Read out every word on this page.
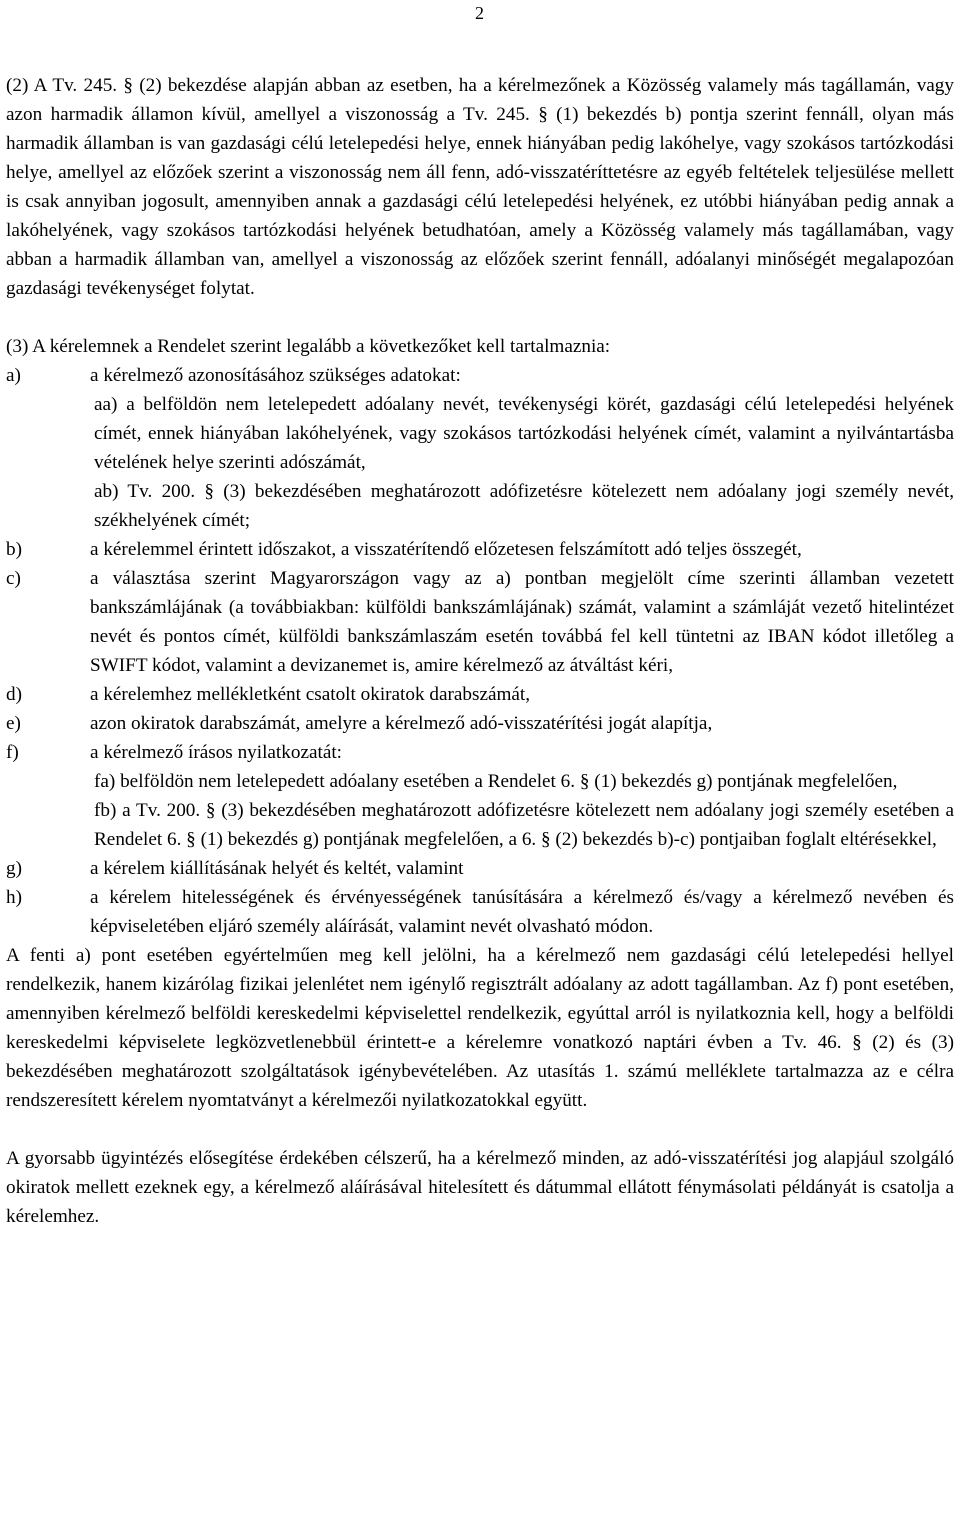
2

(2) A Tv. 245. § (2) bekezdése alapján abban az esetben, ha a kérelmezőnek a Közösség valamely más tagállamán, vagy azon harmadik államon kívül, amellyel a viszonosság a Tv. 245. § (1) bekezdés b) pontja szerint fennáll, olyan más harmadik államban is van gazdasági célú letelepedési helye, ennek hiányában pedig lakóhelye, vagy szokásos tartózkodási helye, amellyel az előzőek szerint a viszonosság nem áll fenn, adó-visszatéríttetésre az egyéb feltételek teljesülése mellett is csak annyiban jogosult, amennyiben annak a gazdasági célú letelepedési helyének, ez utóbbi hiányában pedig annak a lakóhelyének, vagy szokásos tartózkodási helyének betudhatóan, amely a Közösség valamely más tagállamában, vagy abban a harmadik államban van, amellyel a viszonosság az előzőek szerint fennáll, adóalanyi minőségét megalapozóan gazdasági tevékenységet folytat.

(3) A kérelemnek a Rendelet szerint legalább a következőket kell tartalmaznia:

a)	a kérelmező azonosításához szükséges adatokat:

aa) a belföldön nem letelepedett adóalany nevét, tevékenységi körét, gazdasági célú letelepedési helyének címét, ennek hiányában lakóhelyének, vagy szokásos tartózkodási helyének címét, valamint a nyilvántartásba vételének helye szerinti adószámát,

ab) Tv. 200. § (3) bekezdésében meghatározott adófizetésre kötelezett nem adóalany jogi személy nevét, székhelyének címét;

b)	a kérelemmel érintett időszakot, a visszatérítendő előzetesen felszámított adó teljes összegét,
c)	a választása szerint Magyarországon vagy az a) pontban megjelölt címe szerinti államban vezetett bankszámlájának (a továbbiakban: külföldi bankszámlájának) számát, valamint a számláját vezető hitelintézet nevét és pontos címét, külföldi bankszámlaszám esetén továbbá fel kell tüntetni az IBAN kódot illetőleg a SWIFT kódot, valamint a devizanemet is, amire kérelmező az átváltást kéri,
d)	a kérelemhez mellékletként csatolt okiratok darabszámát,
e)	azon okiratok darabszámát, amelyre a kérelmező adó-visszatérítési jogát alapítja,
f)	a kérelmező írásos nyilatkozatát:

fa) belföldön nem letelepedett adóalany esetében a Rendelet 6. § (1) bekezdés g) pontjának megfelelően,

fb) a Tv. 200. § (3) bekezdésében meghatározott adófizetésre kötelezett nem adóalany jogi személy esetében a Rendelet 6. § (1) bekezdés g) pontjának megfelelően, a 6. § (2) bekezdés b)-c) pontjaiban foglalt eltérésekkel,

g)	a kérelem kiállításának helyét és keltét, valamint
h)	a kérelem hitelességének és érvényességének tanúsítására a kérelmező és/vagy a kérelmező nevében és képviseletében eljáró személy aláírását, valamint nevét olvasható módon.

A fenti a) pont esetében egyértelműen meg kell jelölni, ha a kérelmező nem gazdasági célú letelepedési hellyel rendelkezik, hanem kizárólag fizikai jelenlétet nem igénylő regisztrált adóalany az adott tagállamban. Az f) pont esetében, amennyiben kérelmező belföldi kereskedelmi képviselettel rendelkezik, egyúttal arról is nyilatkoznia kell, hogy a belföldi kereskedelmi képviselete legközvetlenebbül érintett-e a kérelemre vonatkozó naptári évben a Tv. 46. § (2) és (3) bekezdésében meghatározott szolgáltatások igénybevételében. Az utasítás 1. számú melléklete tartalmazza az e célra rendszeresített kérelem nyomtatványt a kérelmezői nyilatkozatokkal együtt.

A gyorsabb ügyintézés elősegítése érdekében célszerű, ha a kérelmező minden, az adó-visszatérítési jog alapjául szolgáló okiratok mellett ezeknek egy, a kérelmező aláírásával hitelesített és dátummal ellátott fénymásolati példányát is csatolja a kérelemhez.
